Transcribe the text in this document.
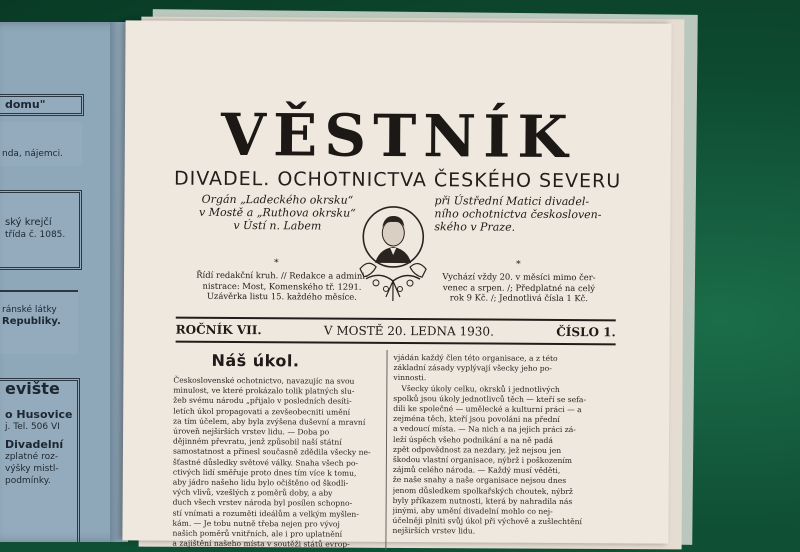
domu"
nda, nájemci.
ský krejčí
třída č. 1085.
ránské látky
Republiky.
evište
o Husovice
j. Tel. 506 VI
Divadelní
zplatné roz-
výšky mistl-
podmínky.
VĚSTNÍK
DIVADEL. OCHOTNICTVA ČESKÉHO SEVERU
Orgán „Ladeckého okrsku“
v Mostě a „Ruthova okrsku“
v Ústí n. Labem
*
Řídí redakční kruh. // Redakce a admini-
nistrace: Most, Komenského tř. 1291.
Uzávěrka listu 15. každého měsíce.
při Ústřední Matici divadel-
ního ochotnictva českosloven-
ského v Praze.
*
Vychází vždy 20. v měsíci mimo čer-
venec a srpen. /; Předplatné na celý
rok 9 Kč. /; Jednotlivá čísla 1 Kč.
ROČNÍK VII.	V MOSTĚ 20. LEDNA 1930.	ČÍSLO 1.
Náš úkol.
Československé ochotnictvo, navazujíc na svou
minulost, ve které prokázalo tolik platných slu-
žeb svému národu „přijalo v posledních desíti-
letích úkol propagovati a zevšeobecniti umění
za tím účelem, aby byla zvýšena duševní a mravní
úroveň nejširších vrstev lidu. — Doba po
dějinném převratu, jenž způsobil naší státní
samostatnost a přinesl současně zdědila všecky ne-
šťastné důsledky světové války. Snaha všech po-
ctivých lidí směřuje proto dnes tím více k tomu,
aby jádro našeho lidu bylo očištěno od škodli-
vých vlivů, vzešlých z poměrů doby, a aby
duch všech vrstev národa byl posílen schopno-
stí vnímati a rozuměti ideálům a velkým myšlen-
kám. — Je tobu nutně třeba nejen pro vývoj
našich poměrů vnitřních, ale i pro uplatnění
a zajištění našeho místa v soutěži států evrop-
vjádán každý člen této organisace, a z této
základní zásady vyplývají všecky jeho po-
vinnosti.
Všecky úkoly celku, okrsků i jednotlivých
spolků jsou úkoly jednotlivců těch — kteří se sefa-
dili ke společné — umělecké a kulturní práci — a
zejména těch, kteří jsou povoláni na přední
a vedoucí místa. — Na nich a na jejich práci zá-
leží úspěch všeho podnikání a na ně padá
zpět odpovědnost za nezdary, jež nejsou jen
škodou vlastní organisace, nýbrž i poškozením
zájmů celého národa. — Každý musí věděti,
že naše snahy a naše organisace nejsou dnes
jenom důsledkem spolkařských choutek, nýbrž
byly příkazem nutnosti, která by nahradila nás
jinými, aby umění divadelní mohlo co nej-
účelněji plniti svůj úkol při výchově a zušlechtění
nejširších vrstev lidu.
